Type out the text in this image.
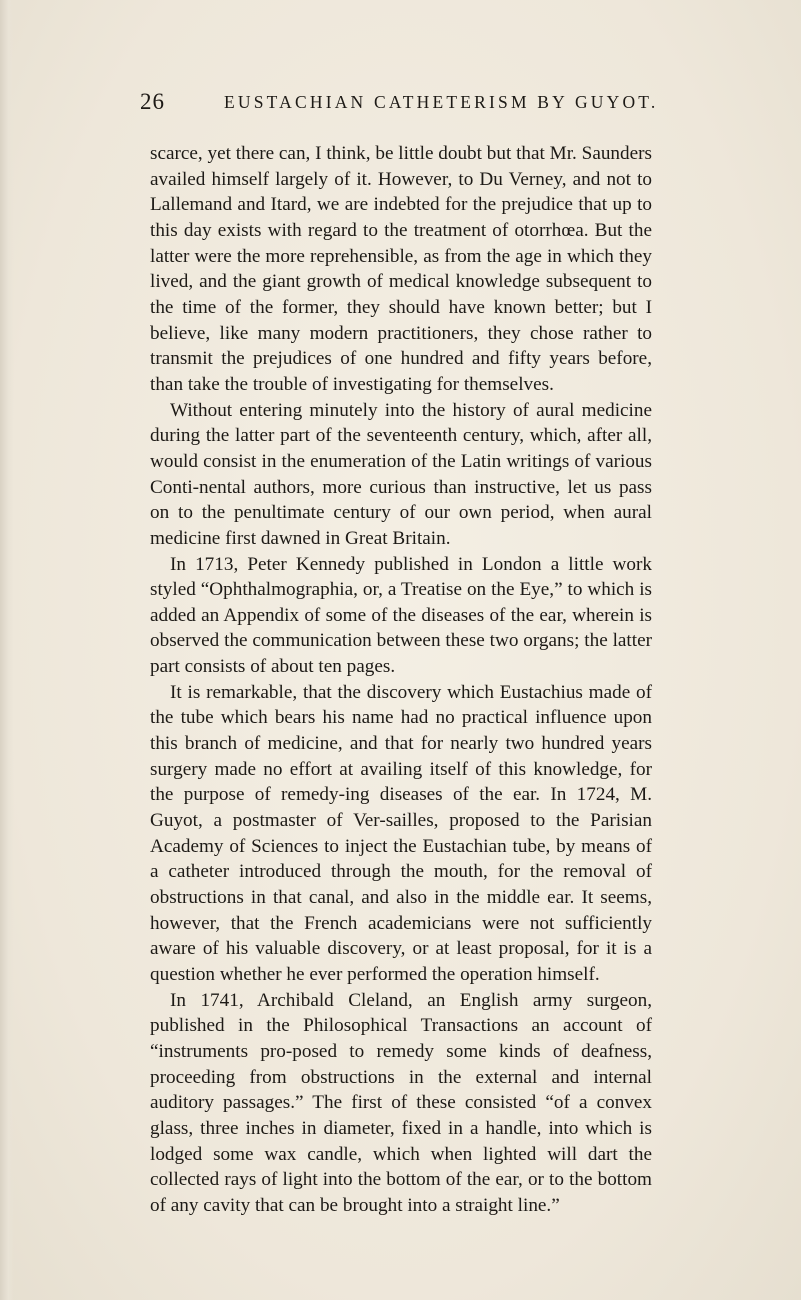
26	EUSTACHIAN CATHETERISM BY GUYOT.

scarce, yet there can, I think, be little doubt but that Mr. Saunders availed himself largely of it. However, to Du Verney, and not to Lallemand and Itard, we are indebted for the prejudice that up to this day exists with regard to the treatment of otorrhœa. But the latter were the more reprehensible, as from the age in which they lived, and the giant growth of medical knowledge subsequent to the time of the former, they should have known better; but I believe, like many modern practitioners, they chose rather to transmit the prejudices of one hundred and fifty years before, than take the trouble of investigating for themselves.

Without entering minutely into the history of aural medicine during the latter part of the seventeenth century, which, after all, would consist in the enumeration of the Latin writings of various Conti-nental authors, more curious than instructive, let us pass on to the penultimate century of our own period, when aural medicine first dawned in Great Britain.

In 1713, Peter Kennedy published in London a little work styled “Ophthalmographia, or, a Treatise on the Eye,” to which is added an Appendix of some of the diseases of the ear, wherein is observed the communication between these two organs; the latter part consists of about ten pages.

It is remarkable, that the discovery which Eustachius made of the tube which bears his name had no practical influence upon this branch of medicine, and that for nearly two hundred years surgery made no effort at availing itself of this knowledge, for the purpose of remedy-ing diseases of the ear. In 1724, M. Guyot, a postmaster of Ver-sailles, proposed to the Parisian Academy of Sciences to inject the Eustachian tube, by means of a catheter introduced through the mouth, for the removal of obstructions in that canal, and also in the middle ear. It seems, however, that the French academicians were not sufficiently aware of his valuable discovery, or at least proposal, for it is a question whether he ever performed the operation himself.

In 1741, Archibald Cleland, an English army surgeon, published in the Philosophical Transactions an account of “instruments pro-posed to remedy some kinds of deafness, proceeding from obstructions in the external and internal auditory passages.” The first of these consisted “of a convex glass, three inches in diameter, fixed in a handle, into which is lodged some wax candle, which when lighted will dart the collected rays of light into the bottom of the ear, or to the bottom of any cavity that can be brought into a straight line.”
